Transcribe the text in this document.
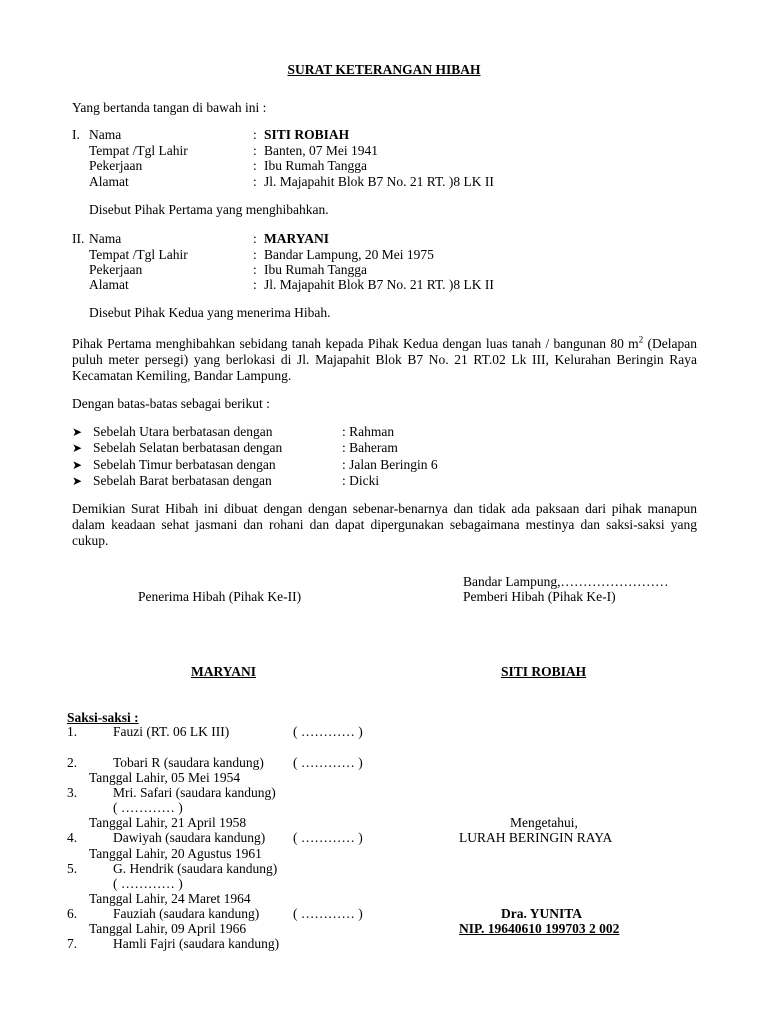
SURAT KETERANGAN HIBAH
Yang bertanda tangan di bawah ini :
I. Nama	: SITI ROBIAH
Tempat /Tgl Lahir	: Banten, 07 Mei 1941
Pekerjaan	: Ibu Rumah Tangga
Alamat	: Jl. Majapahit Blok B7 No. 21 RT. )8 LK II
Disebut Pihak Pertama yang menghibahkan.
II. Nama	: MARYANI
Tempat /Tgl Lahir	: Bandar Lampung, 20 Mei 1975
Pekerjaan	: Ibu Rumah Tangga
Alamat	: Jl. Majapahit Blok B7 No. 21 RT. )8 LK II
Disebut Pihak Kedua yang menerima Hibah.
Pihak Pertama menghibahkan sebidang tanah kepada Pihak Kedua dengan luas tanah / bangunan 80 $m^2$ (Delapan puluh meter persegi) yang berlokasi di Jl. Majapahit Blok B7 No. 21 RT.02 Lk III, Kelurahan Beringin Raya Kecamatan Kemiling, Bandar Lampung.
Dengan batas-batas sebagai berikut :
➤ Sebelah Utara berbatasan dengan	: Rahman
➤ Sebelah Selatan berbatasan dengan	: Baheram
➤ Sebelah Timur berbatasan dengan	: Jalan Beringin 6
➤ Sebelah Barat berbatasan dengan	: Dicki
Demikian Surat Hibah ini dibuat dengan dengan sebenar-benarnya dan tidak ada paksaan dari pihak manapun dalam keadaan sehat jasmani dan rohani dan dapat dipergunakan sebagaimana mestinya dan saksi-saksi yang cukup.
Bandar Lampung,……………………
Penerima Hibah (Pihak Ke-II)	Pemberi Hibah (Pihak Ke-I)
MARYANI	SITI ROBIAH
Saksi-saksi :
1.	Fauzi (RT. 06 LK III)	( ………… )
2.	Tobari R (saudara kandung) ( ………… )
Tanggal Lahir, 05 Mei 1954
3.	Mri. Safari (saudara kandung)
( ………… )
Tanggal Lahir, 21 April 1958
4.	Dawiyah (saudara kandung) ( ………… )
Tanggal Lahir, 20 Agustus 1961
5.	G. Hendrik (saudara kandung)
( ………… )
Tanggal Lahir, 24 Maret 1964
6.	Fauziah (saudara kandung)	( ………… )
Tanggal Lahir, 09 April 1966
7.	Hamli Fajri (saudara kandung)
Mengetahui,
LURAH BERINGIN RAYA
Dra. YUNITA
NIP. 19640610 199703 2 002
